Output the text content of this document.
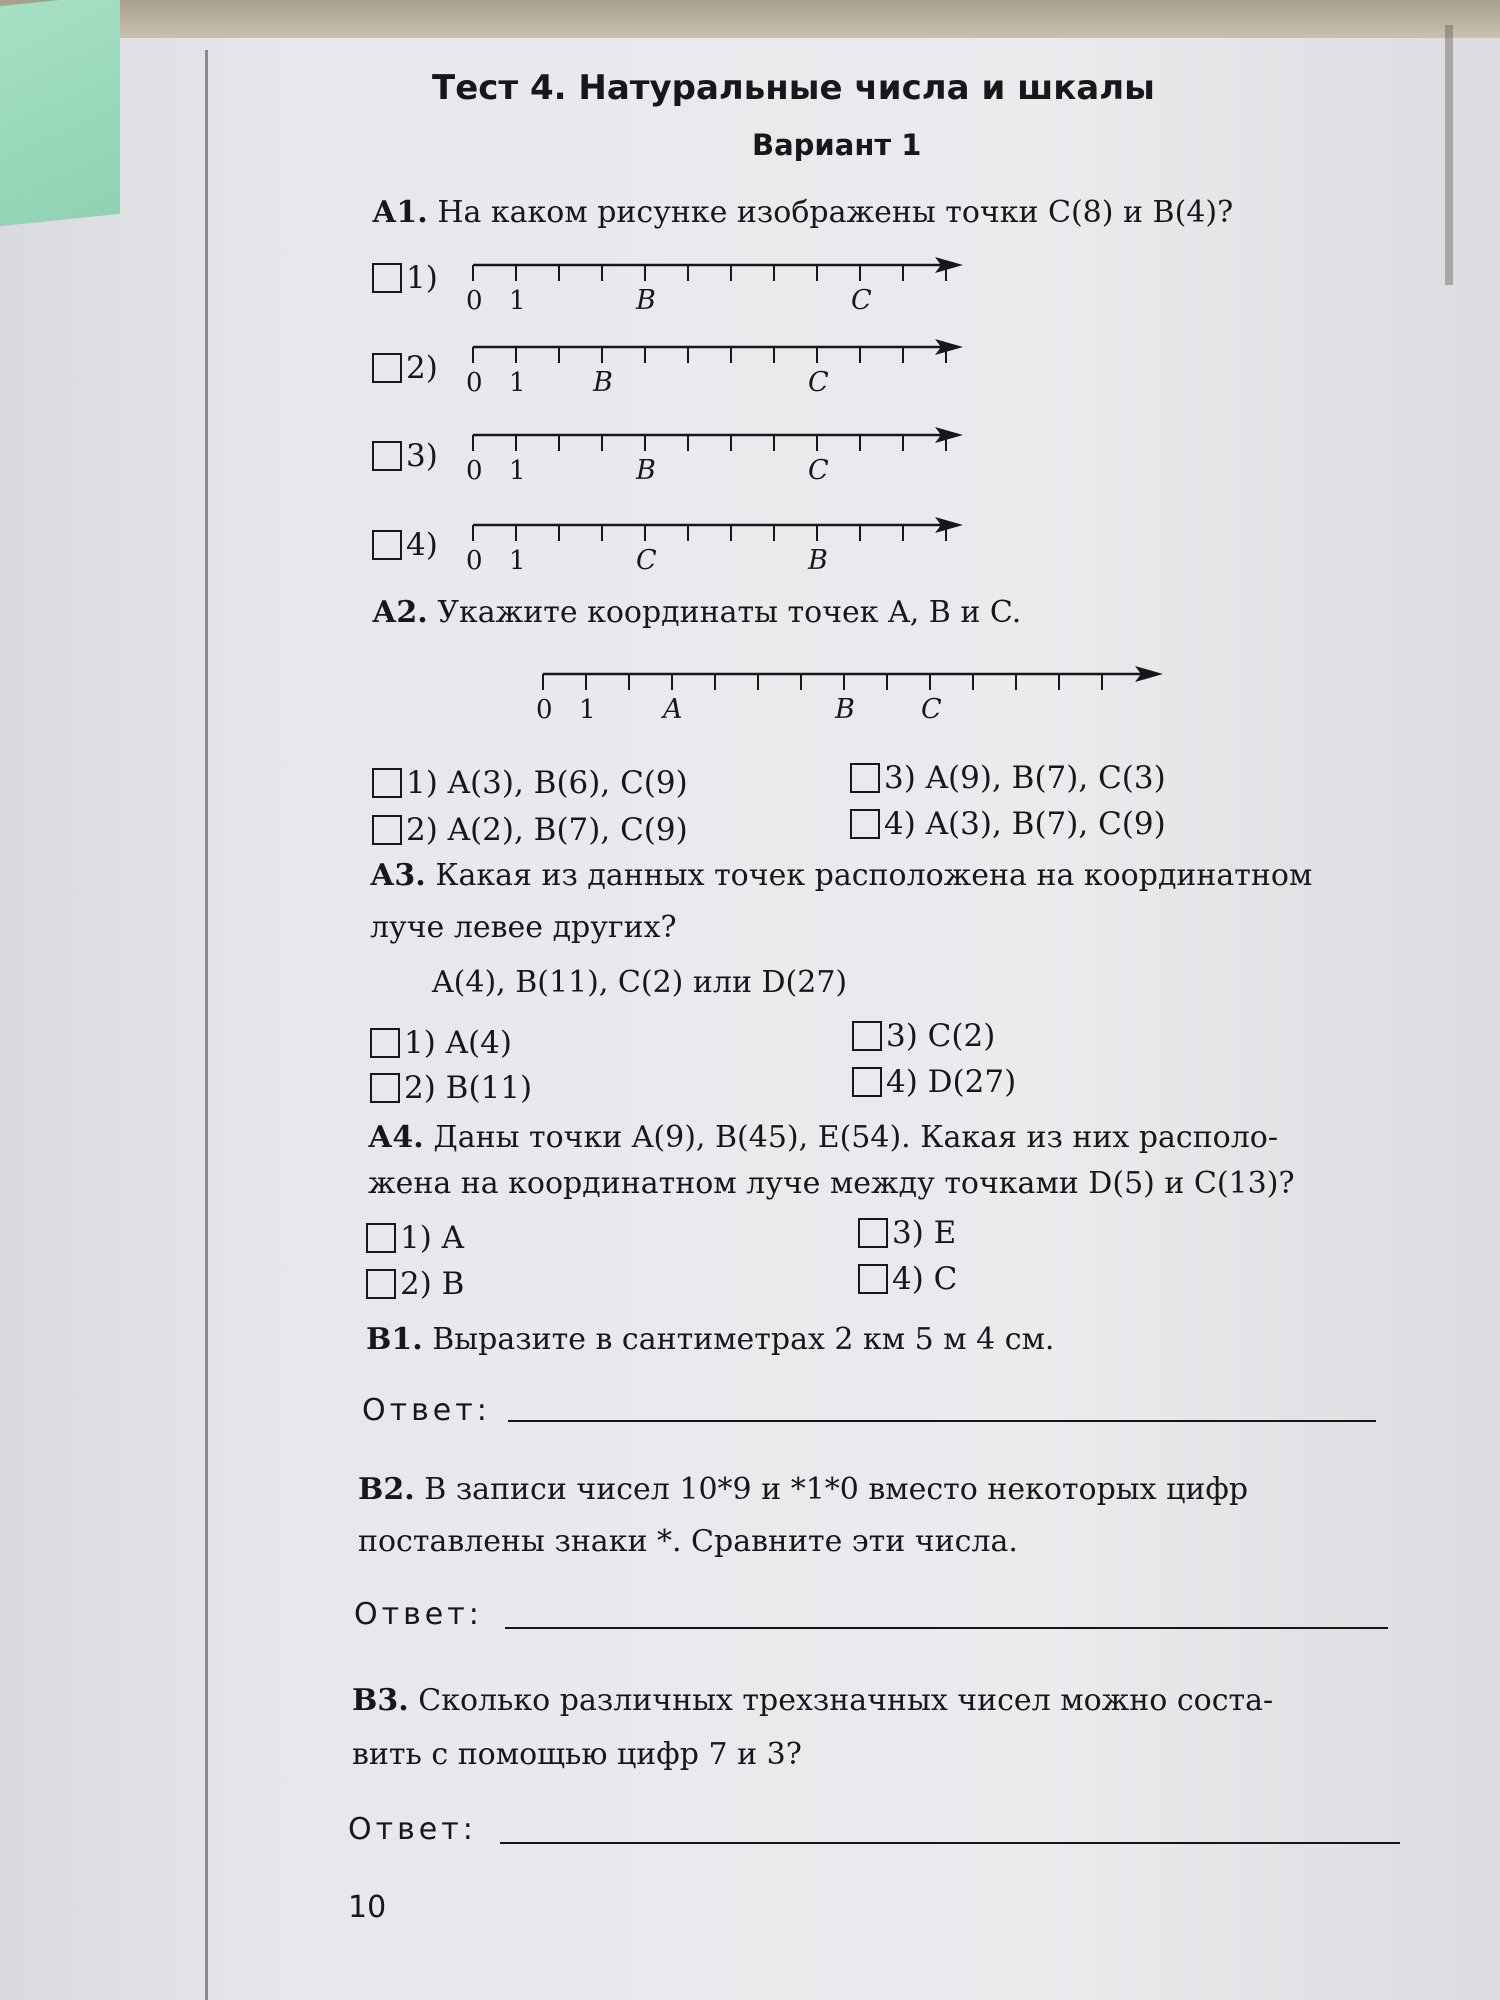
Тест 4. Натуральные числа и шкалы
Вариант 1
А1. На каком рисунке изображены точки C(8) и B(4)?
1)
0 1	B	C
2) 0 1 B	C
3) 0 1	B	C
4) 0 1	C	B
А2. Укажите координаты точек A, B и C.
0 1 A	B C
1) A(3), B(6), C(9)
2) A(2), B(7), C(9)
3) A(9), B(7), C(3)
4) A(3), B(7), C(9)
А3. Какая из данных точек расположена на координатном
луче левее других?
A(4), B(11), C(2) или D(27)
1) A(4)
2) B(11)
3) C(2)
4) D(27)
А4. Даны точки A(9), B(45), E(54). Какая из них располо-
жена на координатном луче между точками D(5) и C(13)?
1) A
2) B
3) E
4) C
В1. Выразите в сантиметрах 2 км 5 м 4 см.
Ответ:
В2. В записи чисел 10*9 и *1*0 вместо некоторых цифр
поставлены знаки *. Сравните эти числа.
Ответ:
В3. Сколько различных трехзначных чисел можно соста-
вить с помощью цифр 7 и 3?
Ответ:
10
